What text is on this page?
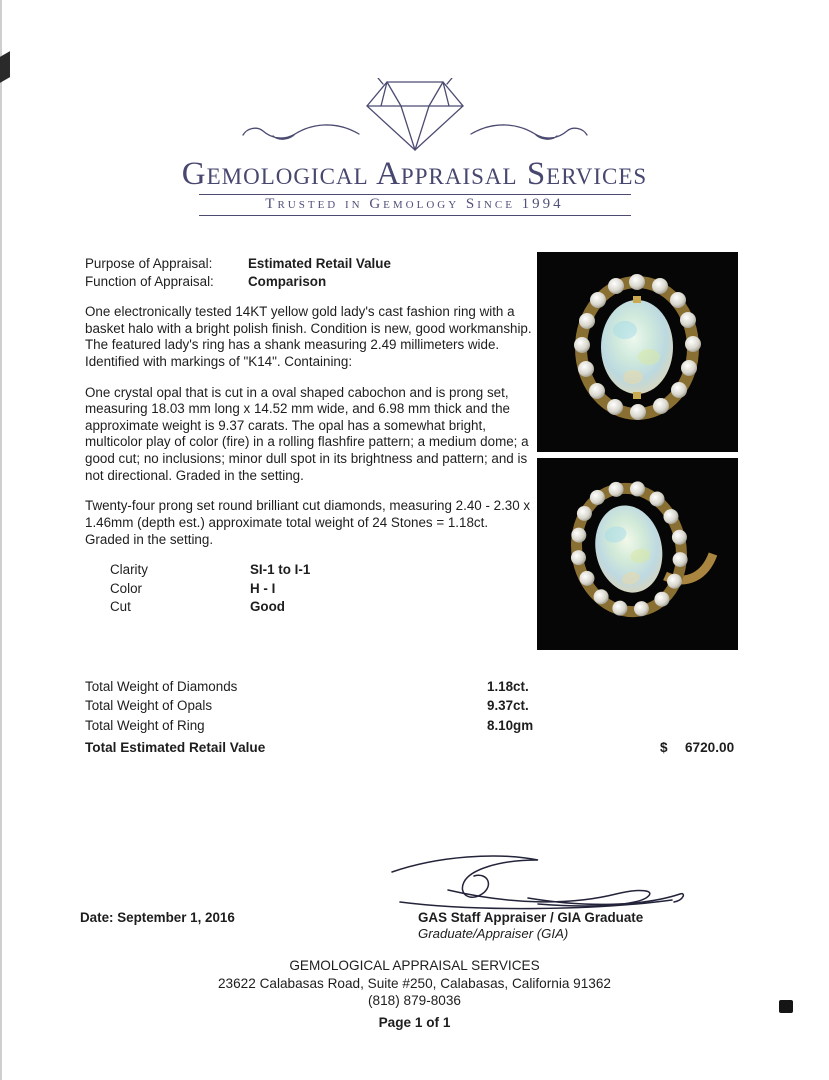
Gemological Appraisal Services
Trusted in Gemology Since 1994
Purpose of Appraisal:	Estimated Retail Value
Function of Appraisal:	Comparison
One electronically tested 14KT yellow gold lady's cast fashion ring with a basket halo with a bright polish finish. Condition is new, good workmanship. The featured lady's ring has a shank measuring 2.49 millimeters wide. Identified with markings of "K14". Containing:
One crystal opal that is cut in a oval shaped cabochon and is prong set, measuring 18.03 mm long x 14.52 mm wide, and 6.98 mm thick and the approximate weight is 9.37 carats. The opal has a somewhat bright, multicolor play of color (fire) in a rolling flashfire pattern; a medium dome; a good cut; no inclusions; minor dull spot in its brightness and pattern; and is not directional. Graded in the setting.
Twenty-four prong set round brilliant cut diamonds, measuring 2.40 - 2.30 x 1.46mm (depth est.) approximate total weight of 24 Stones = 1.18ct. Graded in the setting.
Clarity	SI-1 to I-1
Color	H - I
Cut	Good
Total Weight of Diamonds	1.18ct.
Total Weight of Opals	9.37ct.
Total Weight of Ring	8.10gm
Total Estimated Retail Value	$ 6720.00
Date: September 1, 2016	GAS Staff Appraiser / GIA Graduate
Graduate/Appraiser (GIA)
GEMOLOGICAL APPRAISAL SERVICES
23622 Calabasas Road, Suite #250, Calabasas, California 91362
(818) 879-8036
Page 1 of 1
